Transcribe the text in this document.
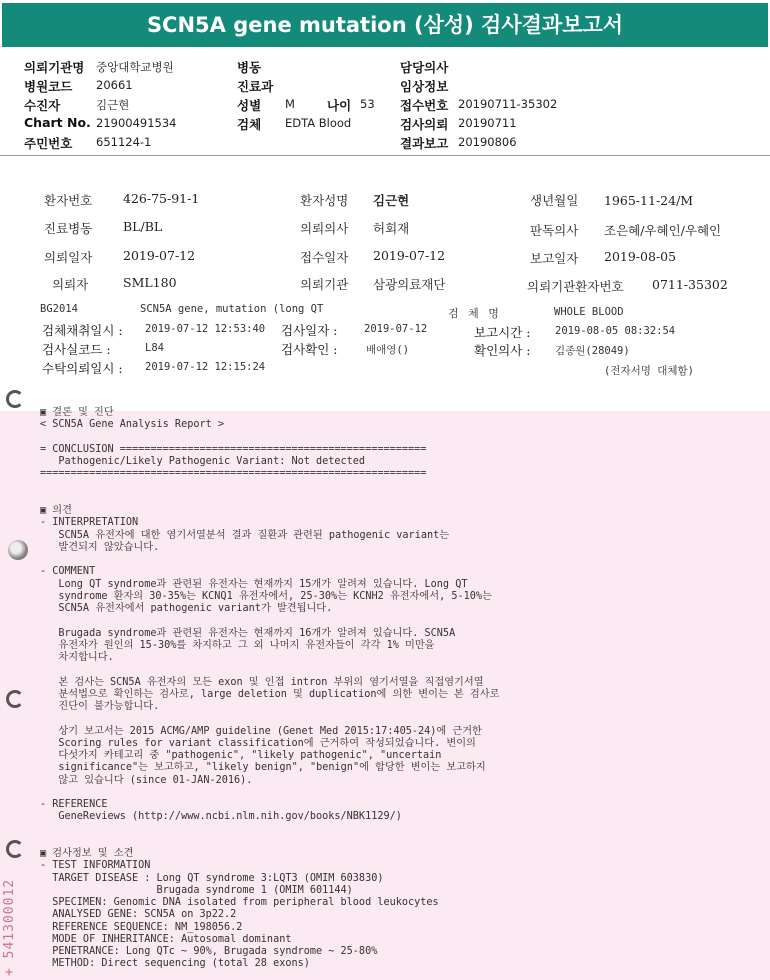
SCN5A gene mutation (삼성) 검사결과보고서
의뢰기관명 중앙대학교병원
병원코드 20661
수진자	김근현
Chart No. 21900491534
주민번호 651124-1
병동
진료과
성별 M	나이 53
검체 EDTA Blood
담당의사
임상정보
접수번호 20190711-35302
검사의뢰 20190711
결과보고 20190806
환자번호 426-75-91-1	환자성명 김근현	생년월일 1965-11-24/M
진료병동 BL/BL	의뢰의사 허회재	판독의사 조은혜/우혜인/우혜인
의뢰일자 2019-07-12	접수일자 2019-07-12	보고일자 2019-08-05
의뢰자	SML180	의뢰기관 삼광의료재단	의뢰기관환자번호 0711-35302
BG2014	SCN5A gene, mutation (long QT	검 체 명	WHOLE BLOOD
검체채취일시 : 2019-07-12 12:53:40 검사일자 :	2019-07-12	보고시간 : 2019-08-05 08:32:54
검사실코드 :	L84	검사확인 :	배애영()	확인의사 : 김종원(28049)
수탁의뢰일시 : 2019-07-12 12:15:24	(전자서명 대체함)
▣ 결론 및 진단
< SCN5A Gene Analysis Report >
= CONCLUSION ==================================================
Pathogenic/Likely Pathogenic Variant: Not detected
===============================================================
▣ 의견
- INTERPRETATION
SCN5A 유전자에 대한 염기서열분석 결과 질환과 관련된 pathogenic variant는
발견되지 않았습니다.
- COMMENT
Long QT syndrome과 관련된 유전자는 현재까지 15개가 알려져 있습니다. Long QT
syndrome 환자의 30-35%는 KCNQ1 유전자에서, 25-30%는 KCNH2 유전자에서, 5-10%는
SCN5A 유전자에서 pathogenic variant가 발견됩니다.
Brugada syndrome과 관련된 유전자는 현재까지 16개가 알려져 있습니다. SCN5A
유전자가 원인의 15-30%를 차지하고 그 외 나머지 유전자들이 각각 1% 미만을
차지합니다.
본 검사는 SCN5A 유전자의 모든 exon 및 인접 intron 부위의 염기서열을 직접염기서열
분석법으로 확인하는 검사로, large deletion 및 duplication에 의한 변이는 본 검사로
진단이 불가능합니다.
상기 보고서는 2015 ACMG/AMP guideline (Genet Med 2015:17:405-24)에 근거한
Scoring rules for variant classification에 근거하여 작성되었습니다. 변이의
다섯가지 카테고리 중 "pathogenic", "likely pathogenic", "uncertain
significance"는 보고하고, "likely benign", "benign"에 합당한 변이는 보고하지
않고 있습니다 (since 01-JAN-2016).
- REFERENCE
GeneReviews (http://www.ncbi.nlm.nih.gov/books/NBK1129/)
▣ 검사정보 및 소견
- TEST INFORMATION
TARGET DISEASE : Long QT syndrome 3:LQT3 (OMIM 603830)
Brugada syndrome 1 (OMIM 601144)
SPECIMEN: Genomic DNA isolated from peripheral blood leukocytes
ANALYSED GENE: SCN5A on 3p22.2
REFERENCE SEQUENCE: NM_198056.2
MODE OF INHERITANCE: Autosomal dominant
PENETRANCE: Long QTc ~ 90%, Brugada syndrome ~ 25-80%
METHOD: Direct sequencing (total 28 exons)
+ 541300012
